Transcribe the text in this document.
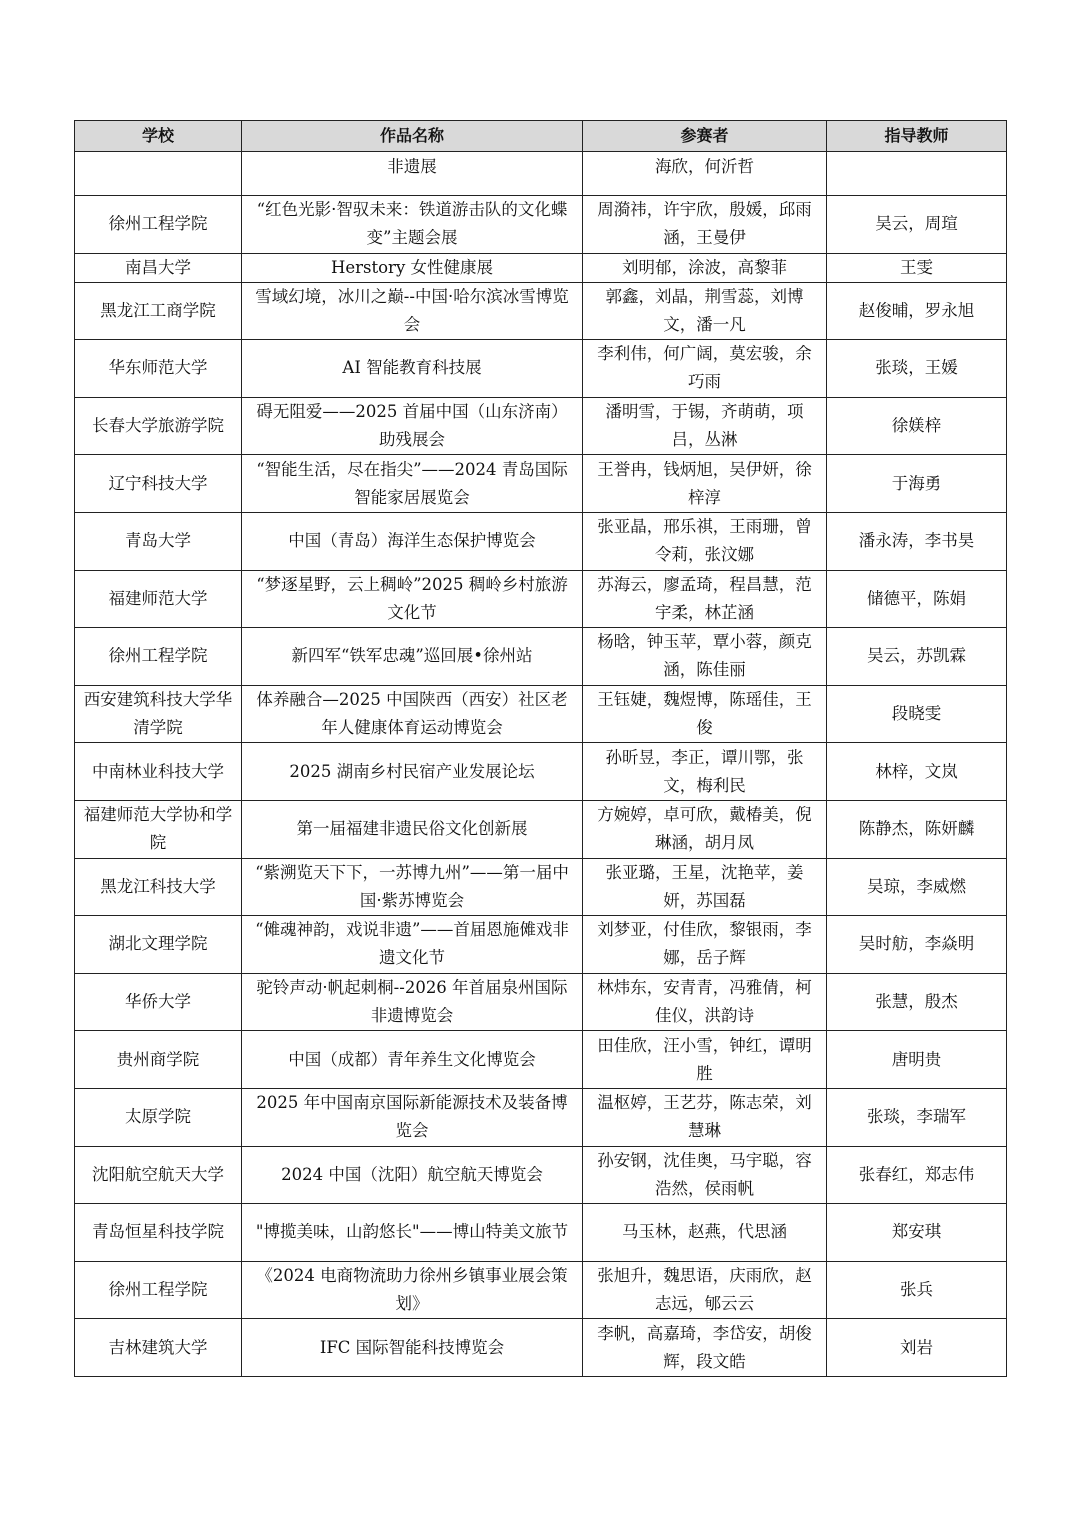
学校	作品名称	参赛者	指导教师
	非遗展	海欣，何沂哲	
徐州工程学院	“红色光影·智驭未来：铁道游击队的文化蝶变”主题会展	周漪祎，许宇欣，殷媛，邱雨涵，王曼伊	吴云，周瑄
南昌大学	Herstory 女性健康展	刘明郁，涂波，高黎菲	王雯
黑龙江工商学院	雪域幻境，冰川之巅--中国·哈尔滨冰雪博览会	郭鑫，刘晶，荆雪蕊，刘博文，潘一凡	赵俊晡，罗永旭
华东师范大学	AI 智能教育科技展	李利伟，何广阔，莫宏骏，余巧雨	张琰，王媛
长春大学旅游学院	碍无阻爱——2025 首届中国（山东济南）助残展会	潘明雪，于锡，齐萌萌，项吕，丛淋	徐媄梓
辽宁科技大学	“智能生活，尽在指尖”——2024 青岛国际智能家居展览会	王誉冉，钱炳旭，吴伊妍，徐梓淳	于海勇
青岛大学	中国（青岛）海洋生态保护博览会	张亚晶，邢乐祺，王雨珊，曾令莉，张汶娜	潘永涛，李书昊
福建师范大学	“梦逐星野，云上稠岭”2025 稠岭乡村旅游文化节	苏海云，廖孟琦，程昌慧，范宇柔，林芷涵	储德平，陈娟
徐州工程学院	新四军“铁军忠魂”巡回展•徐州站	杨晗，钟玉苹，覃小蓉，颜克涵，陈佳丽	吴云，苏凯霖
西安建筑科技大学华清学院	体养融合—2025 中国陕西（西安）社区老年人健康体育运动博览会	王钰婕，魏煜博，陈瑶佳，王俊	段晓雯
中南林业科技大学	2025 湖南乡村民宿产业发展论坛	孙昕昱，李正，谭川鄂，张文，梅利民	林梓，文岚
福建师范大学协和学院	第一届福建非遗民俗文化创新展	方婉婷，卓可欣，戴椿美，倪琳涵，胡月凤	陈静杰，陈妍麟
黑龙江科技大学	“紫溯览天下下，一苏博九州”——第一届中国·紫苏博览会	张亚璐，王星，沈艳苹，姜妍，苏国磊	吴琼，李威燃
湖北文理学院	“傩魂神韵，戏说非遗”——首届恩施傩戏非遗文化节	刘梦亚，付佳欣，黎银雨，李娜，岳子辉	吴时舫，李焱明
华侨大学	驼铃声动·帆起刺桐--2026 年首届泉州国际非遗博览会	林炜东，安青青，冯雅倩，柯佳仪，洪韵诗	张慧，殷杰
贵州商学院	中国（成都）青年养生文化博览会	田佳欣，汪小雪，钟红，谭明胜	唐明贵
太原学院	2025 年中国南京国际新能源技术及装备博览会	温枢婷，王艺芬，陈志荣，刘慧琳	张琰，李瑞军
沈阳航空航天大学	2024 中国（沈阳）航空航天博览会	孙安钢，沈佳奥，马宇聪，容浩然，侯雨帆	张春红，郑志伟
青岛恒星科技学院	"博揽美味，山韵悠长"——博山特美文旅节	马玉林，赵燕，代思涵	郑安琪
徐州工程学院	《2024 电商物流助力徐州乡镇事业展会策划》	张旭升，魏思语，庆雨欣，赵志远，郇云云	张兵
吉林建筑大学	IFC 国际智能科技博览会	李帆，高嘉琦，李岱安，胡俊辉，段文皓	刘岩
